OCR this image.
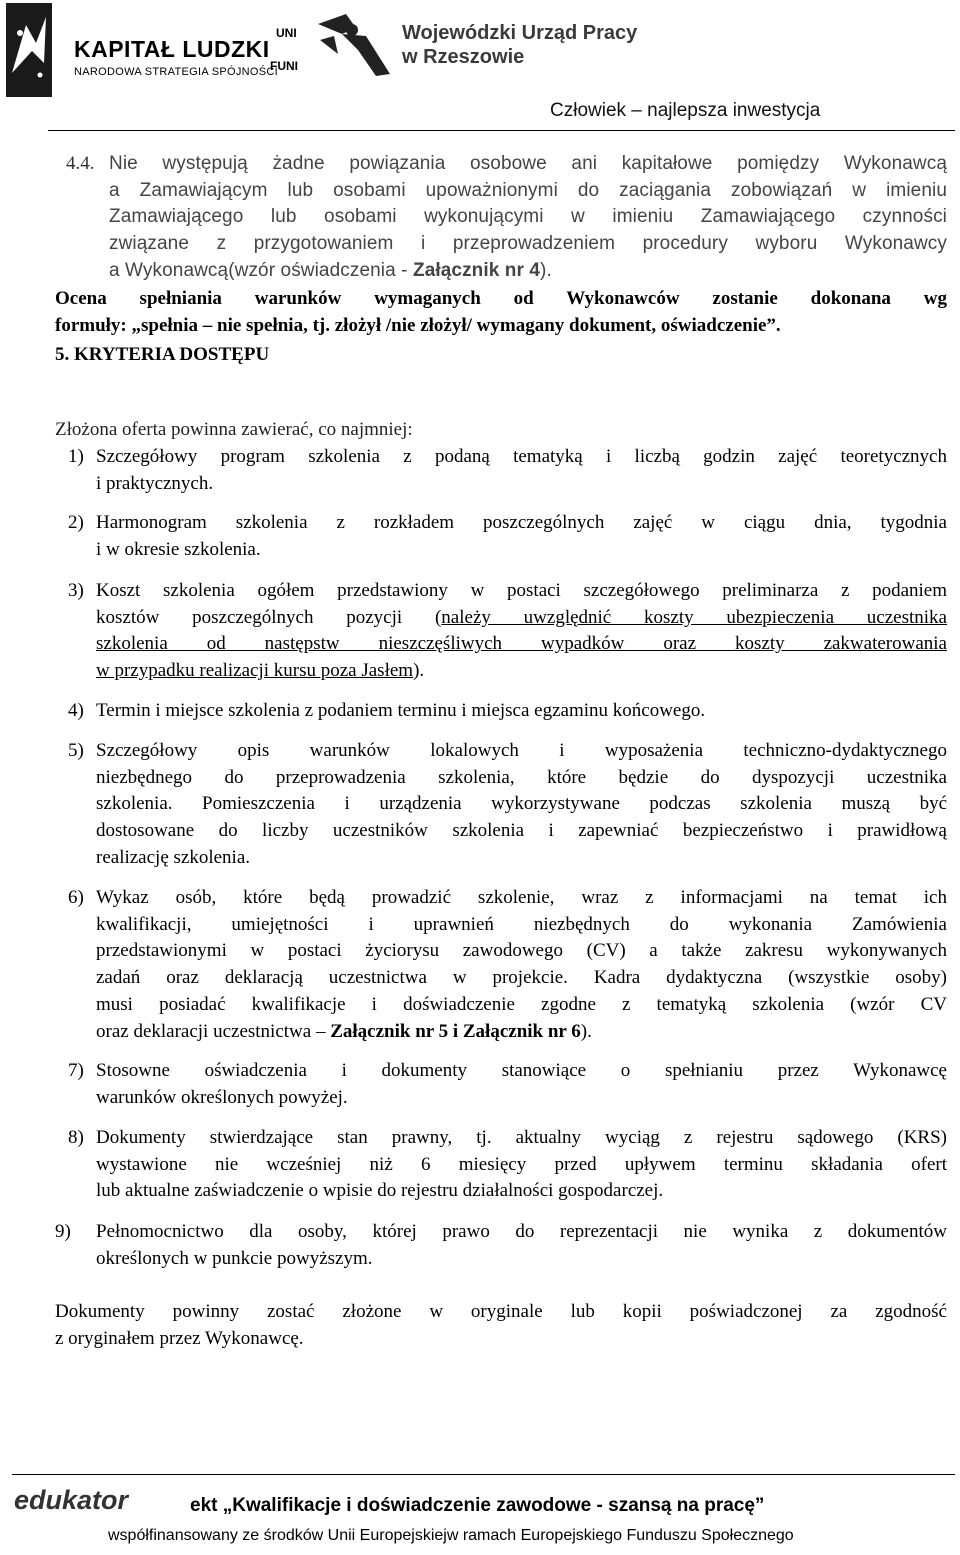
KAPITAŁ LUDZKI
NARODOWA STRATEGIA SPÓJNOŚCI
UNI
FUNI
Wojewódzki Urząd Pracy
w Rzeszowie
Człowiek – najlepsza inwestycja
4.4. Nie występują żadne powiązania osobowe ani kapitałowe pomiędzy Wykonawcą
a Zamawiającym lub osobami upoważnionymi do zaciągania zobowiązań w imieniu
Zamawiającego lub osobami wykonującymi w imieniu Zamawiającego czynności
związane z przygotowaniem i przeprowadzeniem procedury wyboru Wykonawcy
a Wykonawcą(wzór oświadczenia - Załącznik nr 4).
Ocena spełniania warunków wymaganych od Wykonawców zostanie dokonana wg
formuły: „spełnia – nie spełnia, tj. złożył /nie złożył/ wymagany dokument, oświadczenie”.
5. KRYTERIA DOSTĘPU
Złożona oferta powinna zawierać, co najmniej:
1) Szczegółowy program szkolenia z podaną tematyką i liczbą godzin zajęć teoretycznych
i praktycznych.
2) Harmonogram szkolenia z rozkładem poszczególnych zajęć w ciągu dnia, tygodnia
i w okresie szkolenia.
3) Koszt szkolenia ogółem przedstawiony w postaci szczegółowego preliminarza z podaniem
kosztów poszczególnych pozycji (należy uwzględnić koszty ubezpieczenia uczestnika
szkolenia od następstw nieszczęśliwych wypadków oraz koszty zakwaterowania
w przypadku realizacji kursu poza Jasłem).
4) Termin i miejsce szkolenia z podaniem terminu i miejsca egzaminu końcowego.
5) Szczegółowy opis warunków lokalowych i wyposażenia techniczno-dydaktycznego
niezbędnego do przeprowadzenia szkolenia, które będzie do dyspozycji uczestnika
szkolenia. Pomieszczenia i urządzenia wykorzystywane podczas szkolenia muszą być
dostosowane do liczby uczestników szkolenia i zapewniać bezpieczeństwo i prawidłową
realizację szkolenia.
6) Wykaz osób, które będą prowadzić szkolenie, wraz z informacjami na temat ich
kwalifikacji, umiejętności i uprawnień niezbędnych do wykonania Zamówienia
przedstawionymi w postaci życiorysu zawodowego (CV) a także zakresu wykonywanych
zadań oraz deklaracją uczestnictwa w projekcie. Kadra dydaktyczna (wszystkie osoby)
musi posiadać kwalifikacje i doświadczenie zgodne z tematyką szkolenia (wzór CV
oraz deklaracji uczestnictwa – Załącznik nr 5 i Załącznik nr 6).
7) Stosowne oświadczenia i dokumenty stanowiące o spełnianiu przez Wykonawcę
warunków określonych powyżej.
8) Dokumenty stwierdzające stan prawny, tj. aktualny wyciąg z rejestru sądowego (KRS)
wystawione nie wcześniej niż 6 miesięcy przed upływem terminu składania ofert
lub aktualne zaświadczenie o wpisie do rejestru działalności gospodarczej.
9) Pełnomocnictwo dla osoby, której prawo do reprezentacji nie wynika z dokumentów
określonych w punkcie powyższym.
Dokumenty powinny zostać złożone w oryginale lub kopii poświadczonej za zgodność
z oryginałem przez Wykonawcę.
edukator	ekt „Kwalifikacje i doświadczenie zawodowe - szansą na pracę”
współfinansowany ze środków Unii Europejskiejw ramach Europejskiego Funduszu Społecznego
